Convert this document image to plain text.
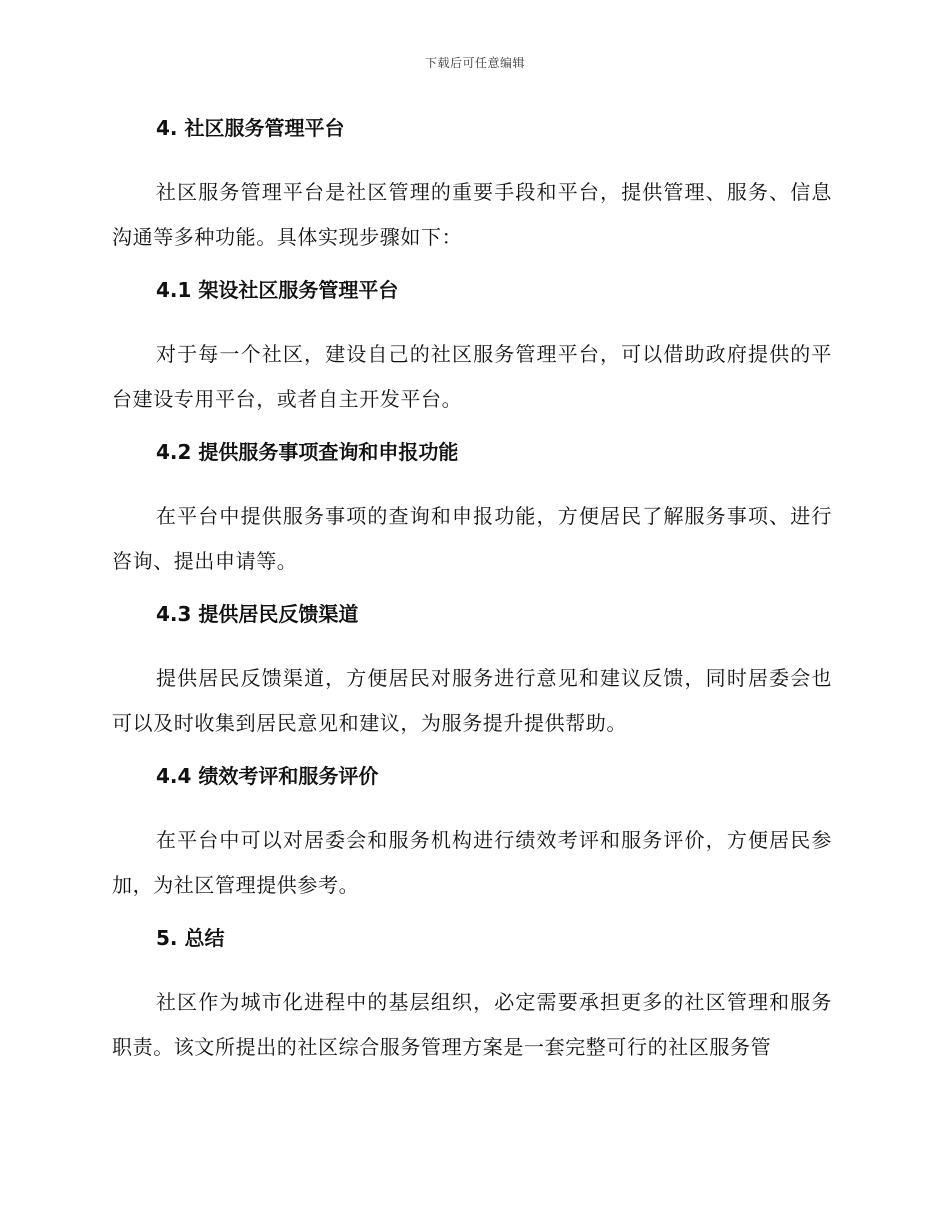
下载后可任意编辑
4. 社区服务管理平台

社区服务管理平台是社区管理的重要手段和平台，提供管理、服务、信息沟通等多种功能。具体实现步骤如下：

4.1 架设社区服务管理平台

对于每一个社区，建设自己的社区服务管理平台，可以借助政府提供的平台建设专用平台，或者自主开发平台。

4.2 提供服务事项查询和申报功能

在平台中提供服务事项的查询和申报功能，方便居民了解服务事项、进行咨询、提出申请等。

4.3 提供居民反馈渠道

提供居民反馈渠道，方便居民对服务进行意见和建议反馈，同时居委会也可以及时收集到居民意见和建议，为服务提升提供帮助。

4.4 绩效考评和服务评价

在平台中可以对居委会和服务机构进行绩效考评和服务评价，方便居民参加，为社区管理提供参考。

5. 总结

社区作为城市化进程中的基层组织，必定需要承担更多的社区管理和服务职责。该文所提出的社区综合服务管理方案是一套完整可行的社区服务管
